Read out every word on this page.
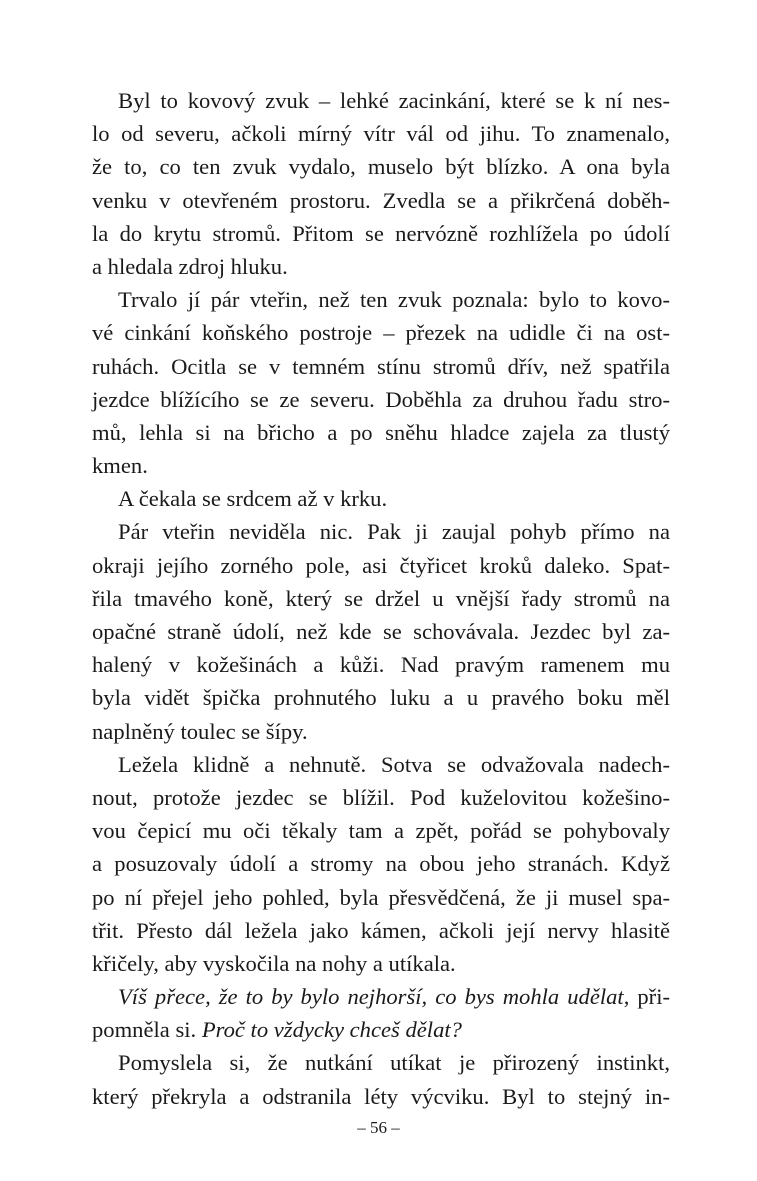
Byl to kovový zvuk – lehké zacinkání, které se k ní nes-
lo od severu, ačkoli mírný vítr vál od jihu. To znamenalo,
že to, co ten zvuk vydalo, muselo být blízko. A ona byla
venku v otevřeném prostoru. Zvedla se a přikrčená doběh-
la do krytu stromů. Přitom se nervózně rozhlížela po údolí
a hledala zdroj hluku.
Trvalo jí pár vteřin, než ten zvuk poznala: bylo to kovo-
vé cinkání koňského postroje – přezek na udidle či na ost-
ruhách. Ocitla se v temném stínu stromů dřív, než spatřila
jezdce blížícího se ze severu. Doběhla za druhou řadu stro-
mů, lehla si na břicho a po sněhu hladce zajela za tlustý
kmen.
A čekala se srdcem až v krku.
Pár vteřin neviděla nic. Pak ji zaujal pohyb přímo na
okraji jejího zorného pole, asi čtyřicet kroků daleko. Spat-
řila tmavého koně, který se držel u vnější řady stromů na
opačné straně údolí, než kde se schovávala. Jezdec byl za-
halený v kožešinách a kůži. Nad pravým ramenem mu
byla vidět špička prohnutého luku a u pravého boku měl
naplněný toulec se šípy.
Ležela klidně a nehnutě. Sotva se odvažovala nadech-
nout, protože jezdec se blížil. Pod kuželovitou kožešino-
vou čepicí mu oči těkaly tam a zpět, pořád se pohybovaly
a posuzovaly údolí a stromy na obou jeho stranách. Když
po ní přejel jeho pohled, byla přesvědčená, že ji musel spa-
třit. Přesto dál ležela jako kámen, ačkoli její nervy hlasitě
křičely, aby vyskočila na nohy a utíkala.
Víš přece, že to by bylo nejhorší, co bys mohla udělat, při-
pomněla si. Proč to vždycky chceš dělat?
Pomyslela si, že nutkání utíkat je přirozený instinkt,
který překryla a odstranila léty výcviku. Byl to stejný in-
– 56 –
